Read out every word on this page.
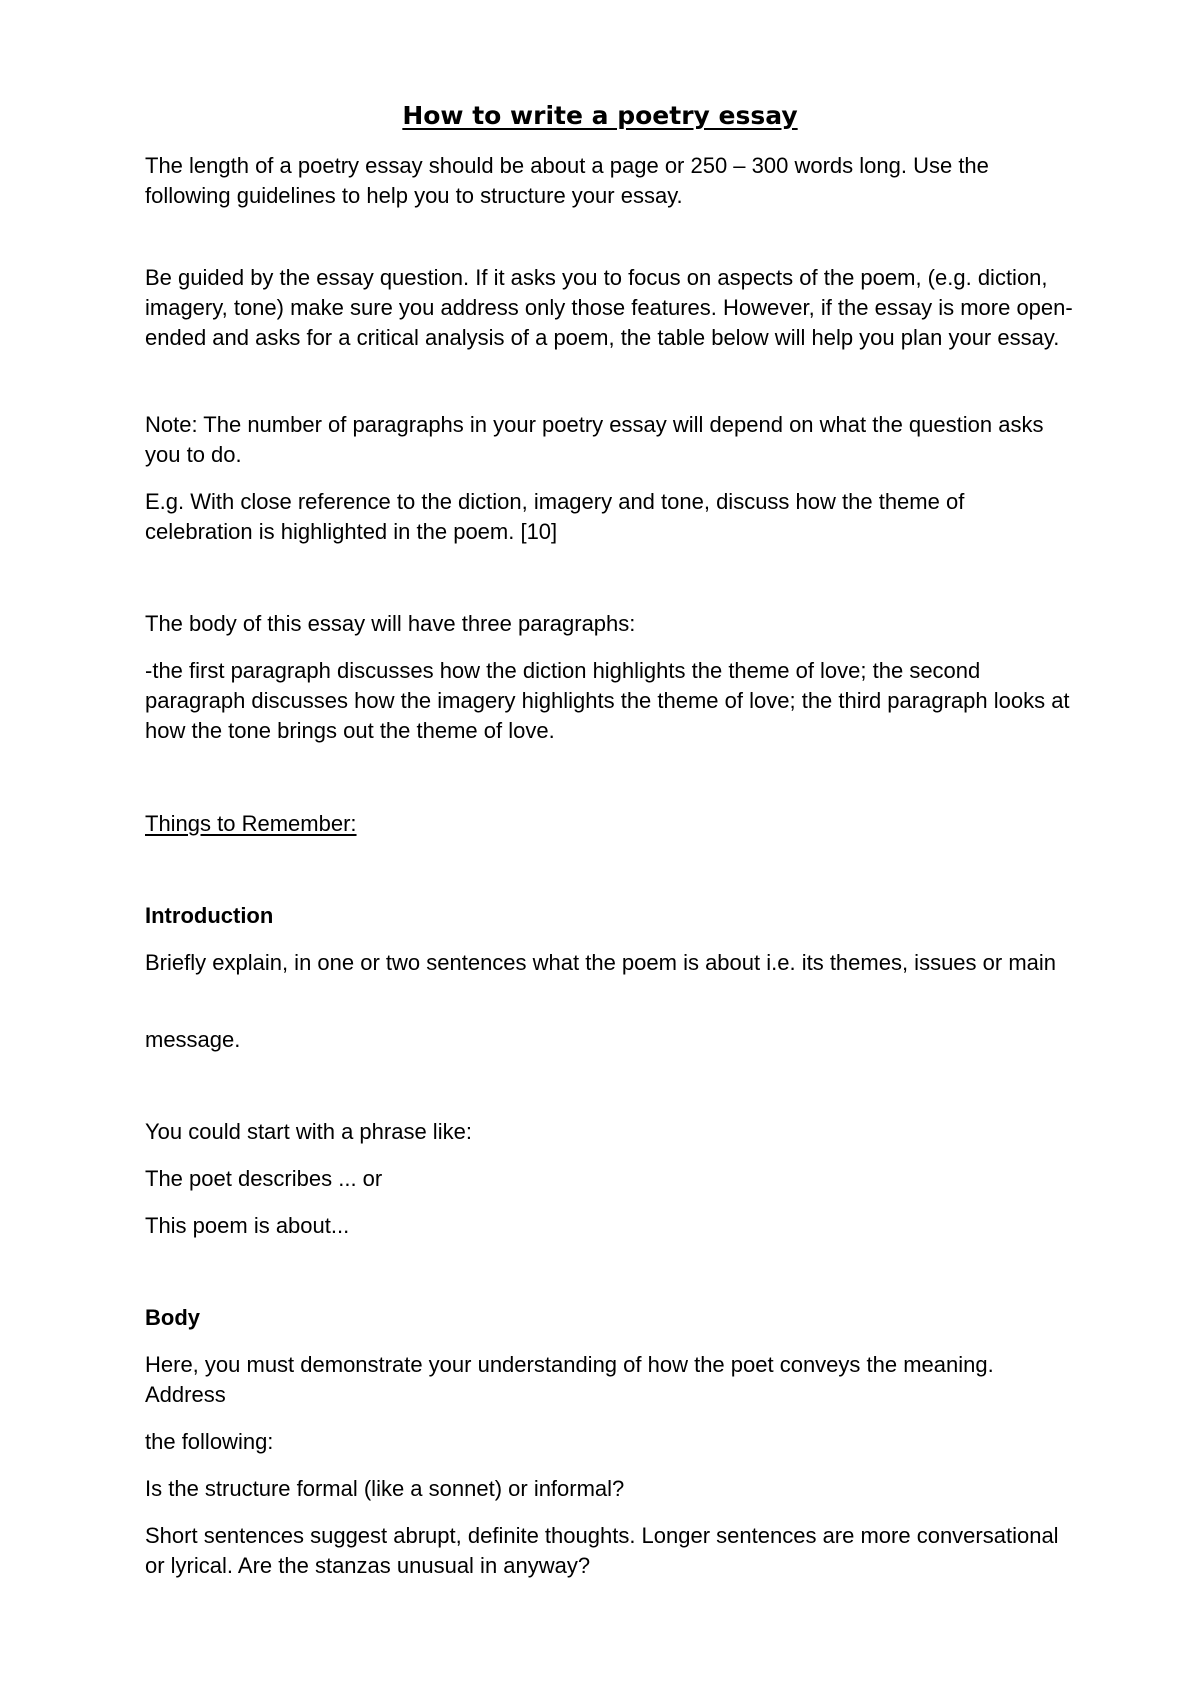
How to write a poetry essay

The length of a poetry essay should be about a page or 250 – 300 words long. Use the following guidelines to help you to structure your essay.

Be guided by the essay question. If it asks you to focus on aspects of the poem, (e.g. diction, imagery, tone) make sure you address only those features. However, if the essay is more open-ended and asks for a critical analysis of a poem, the table below will help you plan your essay.

Note: The number of paragraphs in your poetry essay will depend on what the question asks you to do.

E.g. With close reference to the diction, imagery and tone, discuss how the theme of celebration is highlighted in the poem. [10]

The body of this essay will have three paragraphs:

-the first paragraph discusses how the diction highlights the theme of love; the second paragraph discusses how the imagery highlights the theme of love; the third paragraph looks at how the tone brings out the theme of love.

Things to Remember:

Introduction

Briefly explain, in one or two sentences what the poem is about i.e. its themes, issues or main

message.

You could start with a phrase like:

The poet describes ... or

This poem is about...

Body

Here, you must demonstrate your understanding of how the poet conveys the meaning. Address

the following:

Is the structure formal (like a sonnet) or informal?

Short sentences suggest abrupt, definite thoughts. Longer sentences are more conversational or lyrical. Are the stanzas unusual in anyway?
